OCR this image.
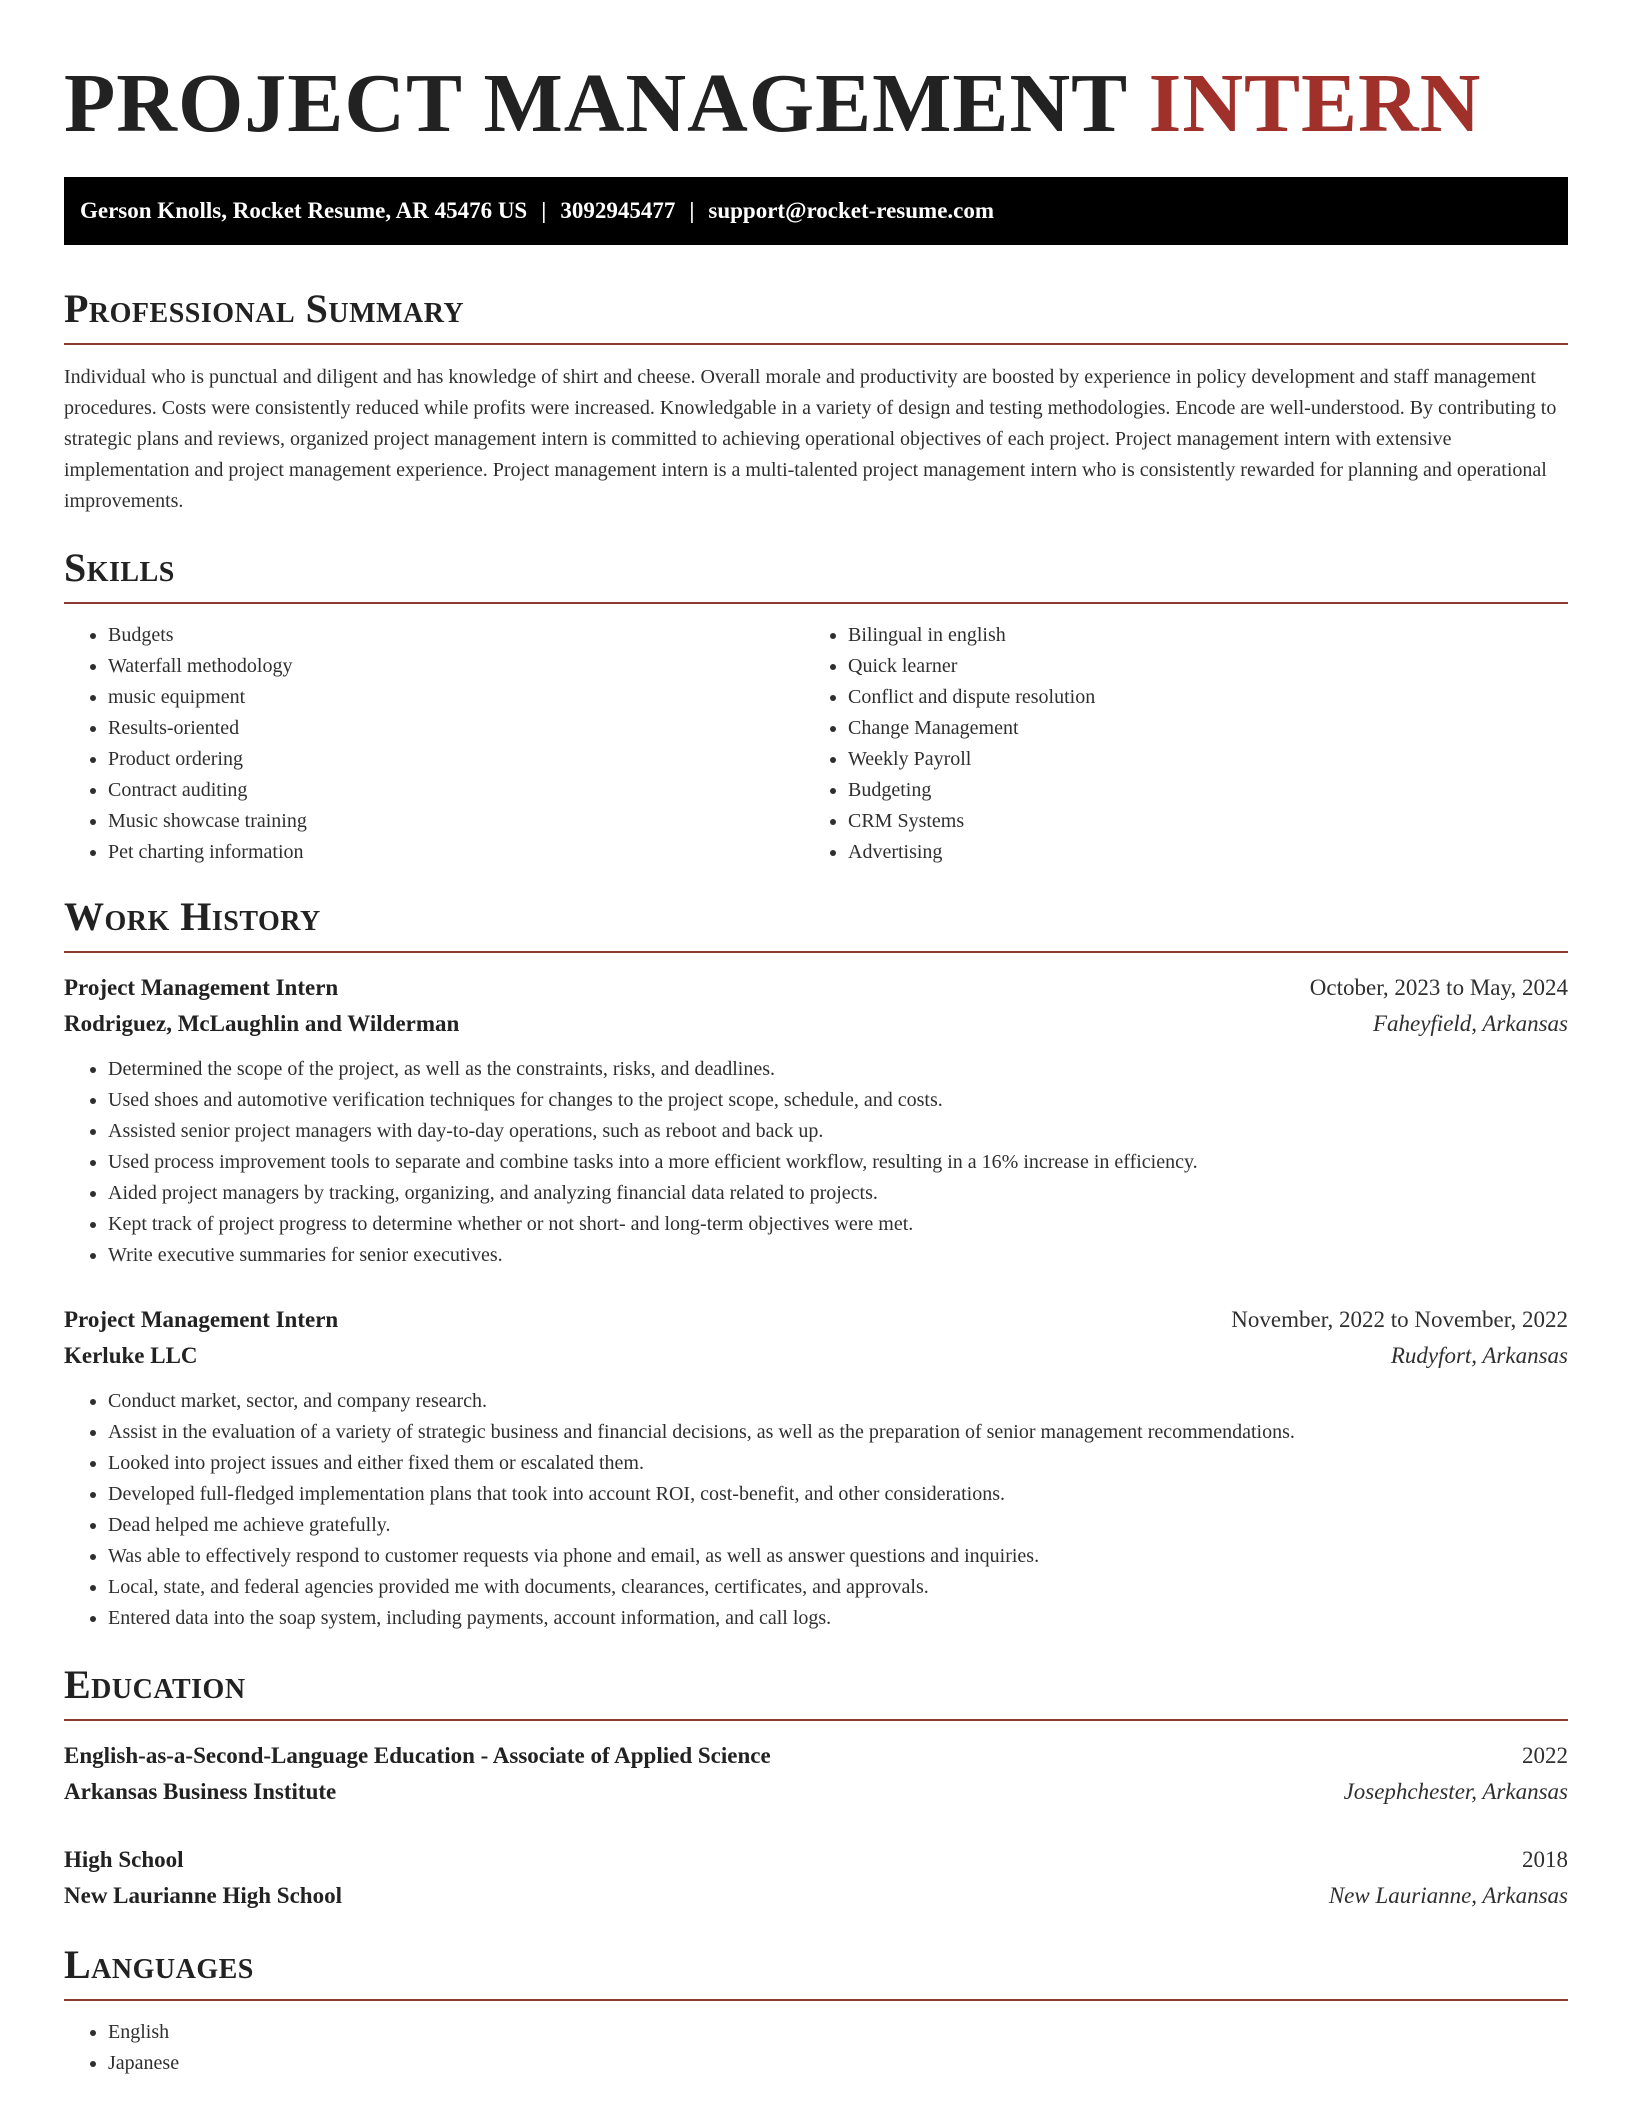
PROJECT MANAGEMENT INTERN
Gerson Knolls, Rocket Resume, AR 45476 US | 3092945477 | support@rocket-resume.com
Professional Summary

Individual who is punctual and diligent and has knowledge of shirt and cheese. Overall morale and productivity are boosted by experience in policy development and staff management procedures. Costs were consistently reduced while profits were increased. Knowledgable in a variety of design and testing methodologies. Encode are well-understood. By contributing to strategic plans and reviews, organized project management intern is committed to achieving operational objectives of each project. Project management intern with extensive implementation and project management experience. Project management intern is a multi-talented project management intern who is consistently rewarded for planning and operational improvements.

Skills
• Budgets
• Waterfall methodology
• music equipment
• Results-oriented
• Product ordering
• Contract auditing
• Music showcase training
• Pet charting information
• Bilingual in english
• Quick learner
• Conflict and dispute resolution
• Change Management
• Weekly Payroll
• Budgeting
• CRM Systems
• Advertising
Work History
Project Management Intern	October, 2023 to May, 2024
Rodriguez, McLaughlin and Wilderman	Faheyfield, Arkansas
• Determined the scope of the project, as well as the constraints, risks, and deadlines.
• Used shoes and automotive verification techniques for changes to the project scope, schedule, and costs.
• Assisted senior project managers with day-to-day operations, such as reboot and back up.
• Used process improvement tools to separate and combine tasks into a more efficient workflow, resulting in a 16% increase in efficiency.
• Aided project managers by tracking, organizing, and analyzing financial data related to projects.
• Kept track of project progress to determine whether or not short- and long-term objectives were met.
• Write executive summaries for senior executives.
Project Management Intern	November, 2022 to November, 2022
Kerluke LLC	Rudyfort, Arkansas
• Conduct market, sector, and company research.
• Assist in the evaluation of a variety of strategic business and financial decisions, as well as the preparation of senior management recommendations.
• Looked into project issues and either fixed them or escalated them.
• Developed full-fledged implementation plans that took into account ROI, cost-benefit, and other considerations.
• Dead helped me achieve gratefully.
• Was able to effectively respond to customer requests via phone and email, as well as answer questions and inquiries.
• Local, state, and federal agencies provided me with documents, clearances, certificates, and approvals.
• Entered data into the soap system, including payments, account information, and call logs.
Education
English-as-a-Second-Language Education - Associate of Applied Science	2022
Arkansas Business Institute	Josephchester, Arkansas
High School	2018
New Laurianne High School	New Laurianne, Arkansas
Languages
• English
• Japanese
